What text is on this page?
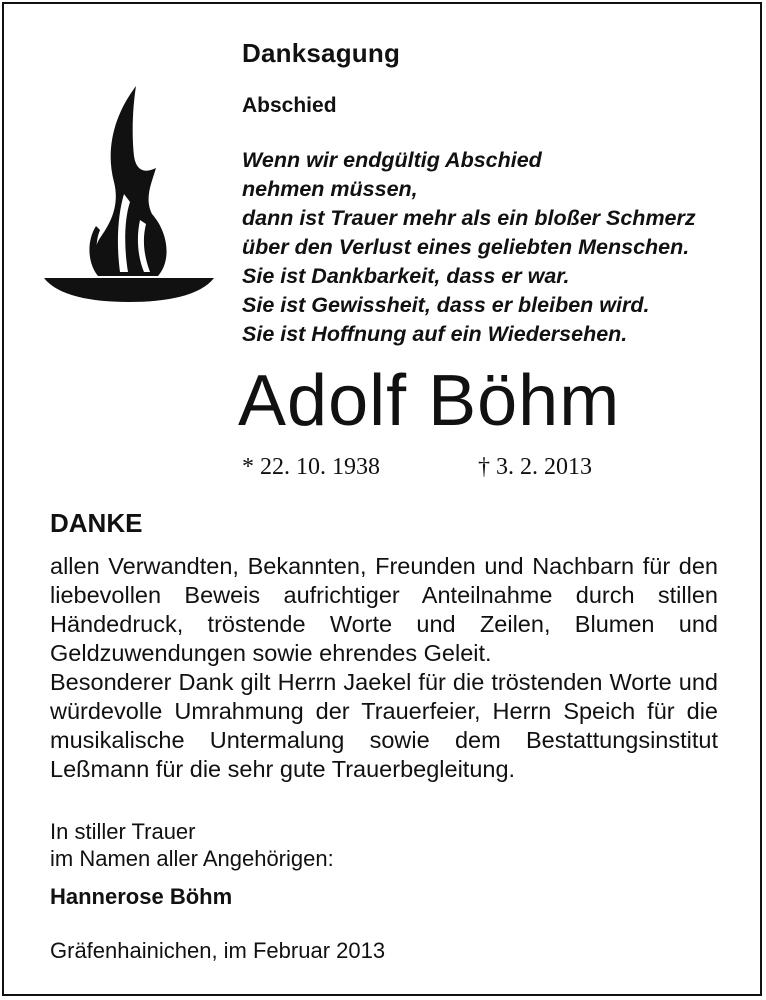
Danksagung
Abschied
Wenn wir endgültig Abschied
nehmen müssen,
dann ist Trauer mehr als ein bloßer Schmerz
über den Verlust eines geliebten Menschen.
Sie ist Dankbarkeit, dass er war.
Sie ist Gewissheit, dass er bleiben wird.
Sie ist Hoffnung auf ein Wiedersehen.
Adolf Böhm
* 22. 10. 1938	† 3. 2. 2013
DANKE

allen Verwandten, Bekannten, Freunden und Nachbarn für den liebevollen Beweis aufrichtiger Anteilnahme durch stillen Händedruck, tröstende Worte und Zeilen, Blumen und Geldzuwendungen sowie ehrendes Geleit.

Besonderer Dank gilt Herrn Jaekel für die tröstenden Worte und würdevolle Umrahmung der Trauerfeier, Herrn Speich für die musikalische Untermalung sowie dem Bestattungsinstitut Leßmann für die sehr gute Trauerbegleitung.

In stiller Trauer
im Namen aller Angehörigen:
Hannerose Böhm
Gräfenhainichen, im Februar 2013
